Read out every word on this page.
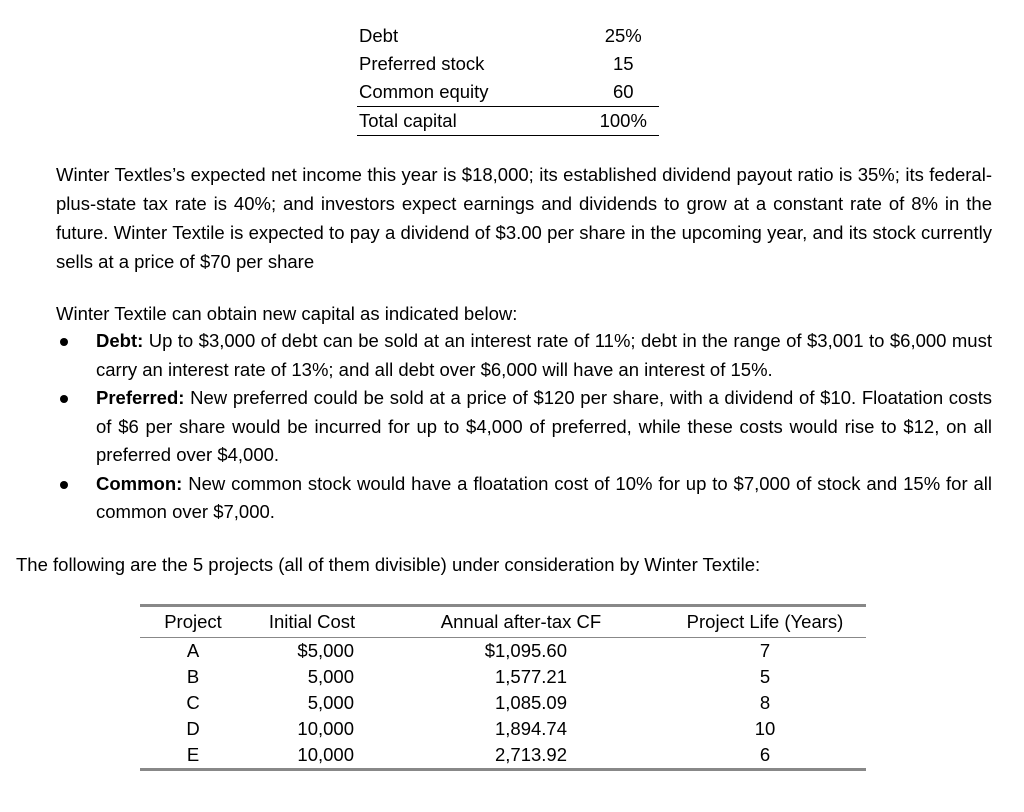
Debt	25%
Preferred stock	15
Common equity	60
Total capital	100%

Winter Textles’s expected net income this year is $18,000; its established dividend payout ratio is 35%; its federal-plus-state tax rate is 40%; and investors expect earnings and dividends to grow at a constant rate of 8% in the future. Winter Textile is expected to pay a dividend of $3.00 per share in the upcoming year, and its stock currently sells at a price of $70 per share

Winter Textile can obtain new capital as indicated below:

Debt: Up to $3,000 of debt can be sold at an interest rate of 11%; debt in the range of $3,001 to $6,000 must carry an interest rate of 13%; and all debt over $6,000 will have an interest of 15%.
Preferred: New preferred could be sold at a price of $120 per share, with a dividend of $10. Floatation costs of $6 per share would be incurred for up to $4,000 of preferred, while these costs would rise to $12, on all preferred over $4,000.
Common: New common stock would have a floatation cost of 10% for up to $7,000 of stock and 15% for all common over $7,000.

The following are the 5 projects (all of them divisible) under consideration by Winter Textile:

Project	Initial Cost	Annual after-tax CF	Project Life (Years)
A	$5,000	$1,095.60	7
B	5,000	1,577.21	5
C	5,000	1,085.09	8
D	10,000	1,894.74	10
E	10,000	2,713.92	6
